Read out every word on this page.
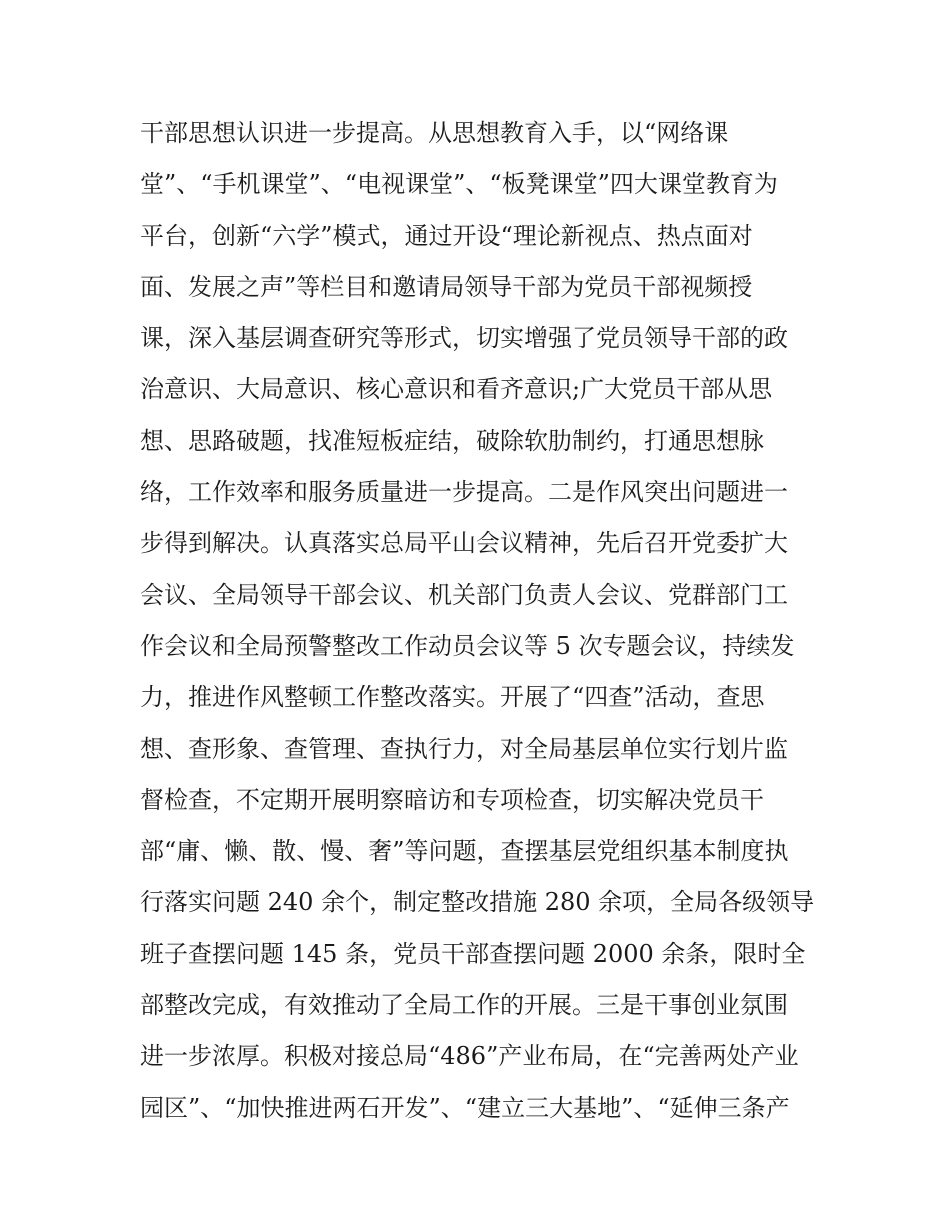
干部思想认识进一步提高。从思想教育入手，以“网络课
堂”、“手机课堂”、“电视课堂”、“板凳课堂”四大课堂教育为
平台，创新“六学”模式，通过开设“理论新视点、热点面对
面、发展之声”等栏目和邀请局领导干部为党员干部视频授
课，深入基层调查研究等形式，切实增强了党员领导干部的政
治意识、大局意识、核心意识和看齐意识;广大党员干部从思
想、思路破题，找准短板症结，破除软肋制约，打通思想脉
络，工作效率和服务质量进一步提高。二是作风突出问题进一
步得到解决。认真落实总局平山会议精神，先后召开党委扩大
会议、全局领导干部会议、机关部门负责人会议、党群部门工
作会议和全局预警整改工作动员会议等 5 次专题会议，持续发
力，推进作风整顿工作整改落实。开展了“四查”活动，查思
想、查形象、查管理、查执行力，对全局基层单位实行划片监
督检查，不定期开展明察暗访和专项检查，切实解决党员干
部“庸、懒、散、慢、奢”等问题，查摆基层党组织基本制度执
行落实问题 240 余个，制定整改措施 280 余项，全局各级领导
班子查摆问题 145 条，党员干部查摆问题 2000 余条，限时全
部整改完成，有效推动了全局工作的开展。三是干事创业氛围
进一步浓厚。积极对接总局“486”产业布局，在“完善两处产业
园区”、“加快推进两石开发”、“建立三大基地”、“延伸三条产
